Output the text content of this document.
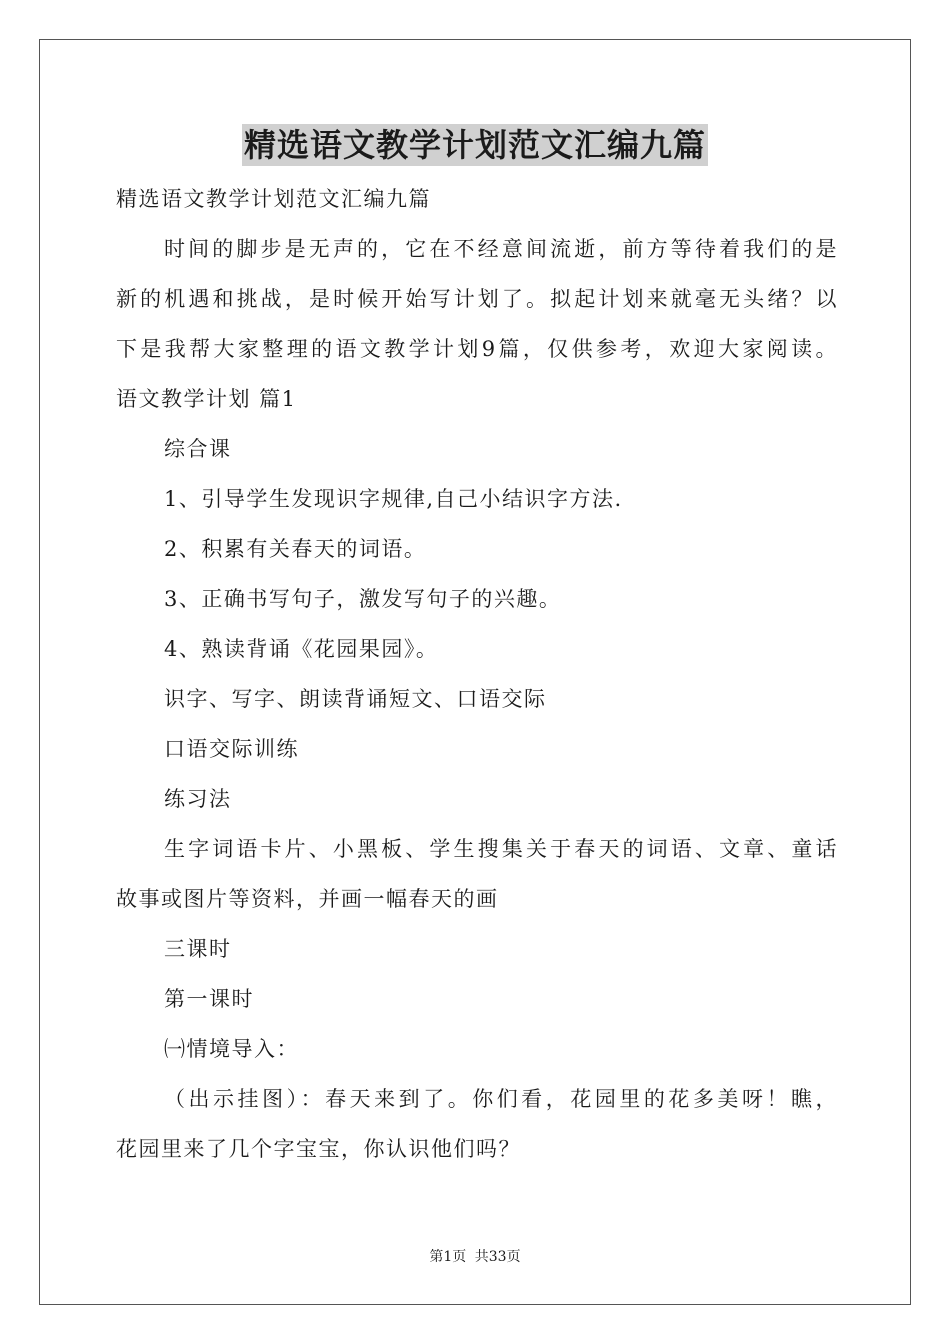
精选语文教学计划范文汇编九篇

精选语文教学计划范文汇编九篇

时间的脚步是无声的，它在不经意间流逝，前方等待着我们的是

新的机遇和挑战，是时候开始写计划了。拟起计划来就毫无头绪？以

下是我帮大家整理的语文教学计划9篇，仅供参考，欢迎大家阅读。

语文教学计划 篇1

综合课

1、引导学生发现识字规律,自己小结识字方法.

2、积累有关春天的词语。

3、正确书写句子，激发写句子的兴趣。

4、熟读背诵《花园果园》。

识字、写字、朗读背诵短文、口语交际

口语交际训练

练习法

生字词语卡片、小黑板、学生搜集关于春天的词语、文章、童话

故事或图片等资料，并画一幅春天的画

三课时

第一课时

㈠情境导入：

（出示挂图）：春天来到了。你们看，花园里的花多美呀！瞧，

花园里来了几个字宝宝，你认识他们吗？

第1页 共33页
